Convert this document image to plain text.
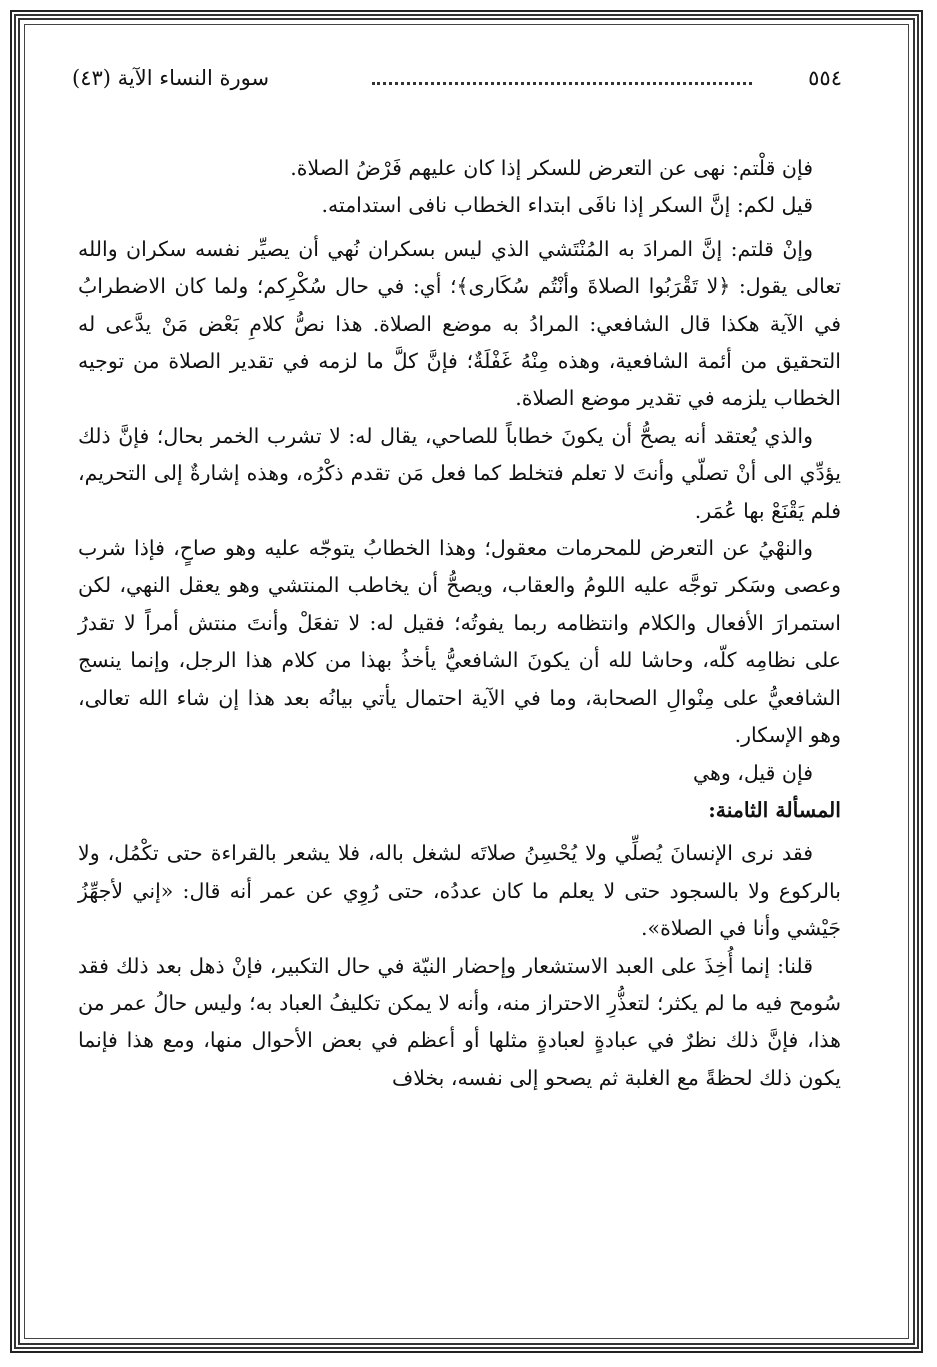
٥٥٤
سورة النساء الآية (٤٣)

فإن قلْتم: نهى عن التعرض للسكر إذا كان عليهم فَرْضُ الصلاة.

قيل لكم: إنَّ السكر إذا نافَى ابتداء الخطاب نافى استدامته.

وإنْ قلتم: إنَّ المرادَ به المُنْتَشي الذي ليس بسكران نُهي أن يصيِّر نفسه سكران والله تعالى يقول: ﴿لا تَقْرَبُوا الصلاةَ وأنْتُم سُكَارى﴾؛ أي: في حال سُكْرِكم؛ ولما كان الاضطرابُ في الآية هكذا قال الشافعي: المرادُ به موضع الصلاة. هذا نصُّ كلامِ بَعْض مَنْ يدَّعى له التحقيق من أئمة الشافعية، وهذه مِنْهُ غَفْلَةٌ؛ فإنَّ كلَّ ما لزمه في تقدير الصلاة من توجيه الخطاب يلزمه في تقدير موضع الصلاة.

والذي يُعتقد أنه يصحُّ أن يكونَ خطاباً للصاحي، يقال له: لا تشرب الخمر بحال؛ فإنَّ ذلك يؤدِّي الى أنْ تصلّي وأنتَ لا تعلم فتخلط كما فعل مَن تقدم ذكْرُه، وهذه إشارةٌ إلى التحريم، فلم يَقْنَعْ بها عُمَر.

والنهْيُ عن التعرض للمحرمات معقول؛ وهذا الخطابُ يتوجّه عليه وهو صاحٍ، فإذا شرب وعصى وسَكر توجَّه عليه اللومُ والعقاب، ويصحُّ أن يخاطب المنتشي وهو يعقل النهي، لكن استمرارَ الأفعال والكلام وانتظامه ربما يفوتُه؛ فقيل له: لا تفعَلْ وأنتَ منتش أمراً لا تقدرُ على نظامِه كلّه، وحاشا لله أن يكونَ الشافعيُّ يأخذُ بهذا من كلام هذا الرجل، وإنما ينسج الشافعيُّ على مِنْوالِ الصحابة، وما في الآية احتمال يأتي بيانُه بعد هذا إن شاء الله تعالى، وهو الإسكار.

فإن قيل، وهي

المسألة الثامنة:

فقد نرى الإنسانَ يُصلِّي ولا يُحْسِنُ صلاتَه لشغل باله، فلا يشعر بالقراءة حتى تكْمُل، ولا بالركوع ولا بالسجود حتى لا يعلم ما كان عددُه، حتى رُوِي عن عمر أنه قال: «إني لأجهِّزُ جَيْشي وأنا في الصلاة».

قلنا: إنما أُخِذَ على العبد الاستشعار وإحضار النيّة في حال التكبير، فإنْ ذهل بعد ذلك فقد سُومح فيه ما لم يكثر؛ لتعذُّرِ الاحتراز منه، وأنه لا يمكن تكليفُ العباد به؛ وليس حالُ عمر من هذا، فإنَّ ذلك نظرٌ في عبادةٍ لعبادةٍ مثلها أو أعظم في بعض الأحوال منها، ومع هذا فإنما يكون ذلك لحظةً مع الغلبة ثم يصحو إلى نفسه، بخلاف
